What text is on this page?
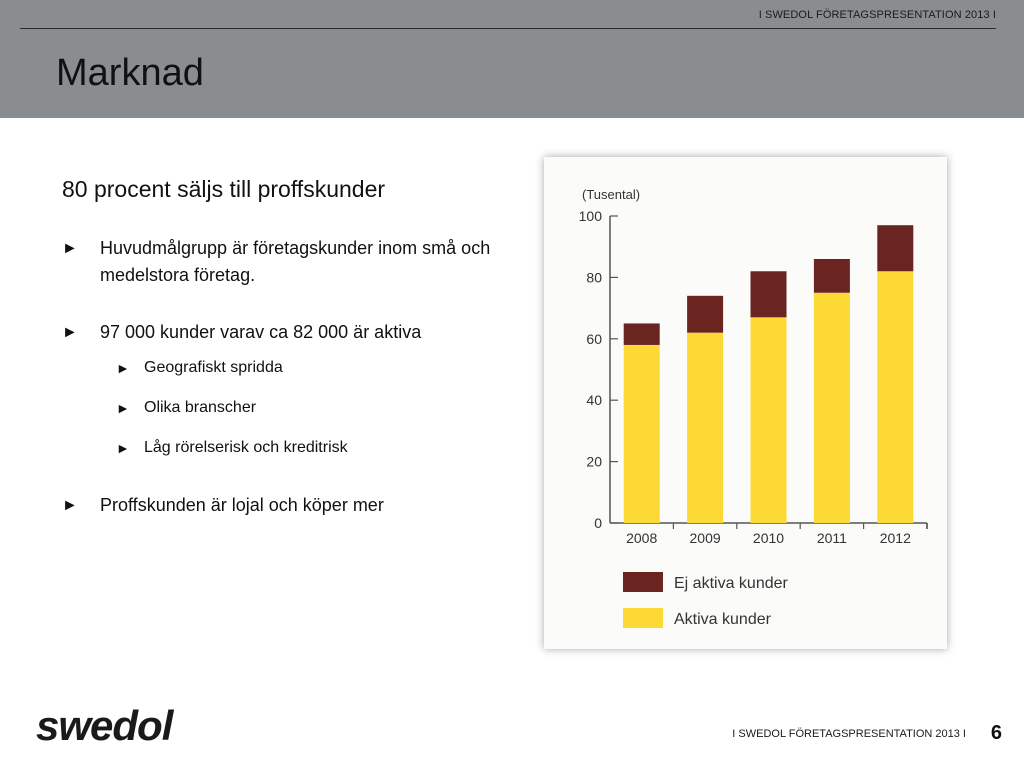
I SWEDOL FÖRETAGSPRESENTATION 2013 I
Marknad

80 procent säljs till proffskunder

► Huvudmålgrupp är företagskunder inom små och medelstora företag.
► 97 000 kunder varav ca 82 000 är aktiva
► Geografiskt spridda
► Olika branscher
► Låg rörelserisk och kreditrisk
► Proffskunden är lojal och köper mer
(Tusental)
0
20
40
60
80
100
2008 2009 2010 2011 2012
Ej aktiva kunder
Aktiva kunder
swedol	I SWEDOL FÖRETAGSPRESENTATION 2013 I 6
